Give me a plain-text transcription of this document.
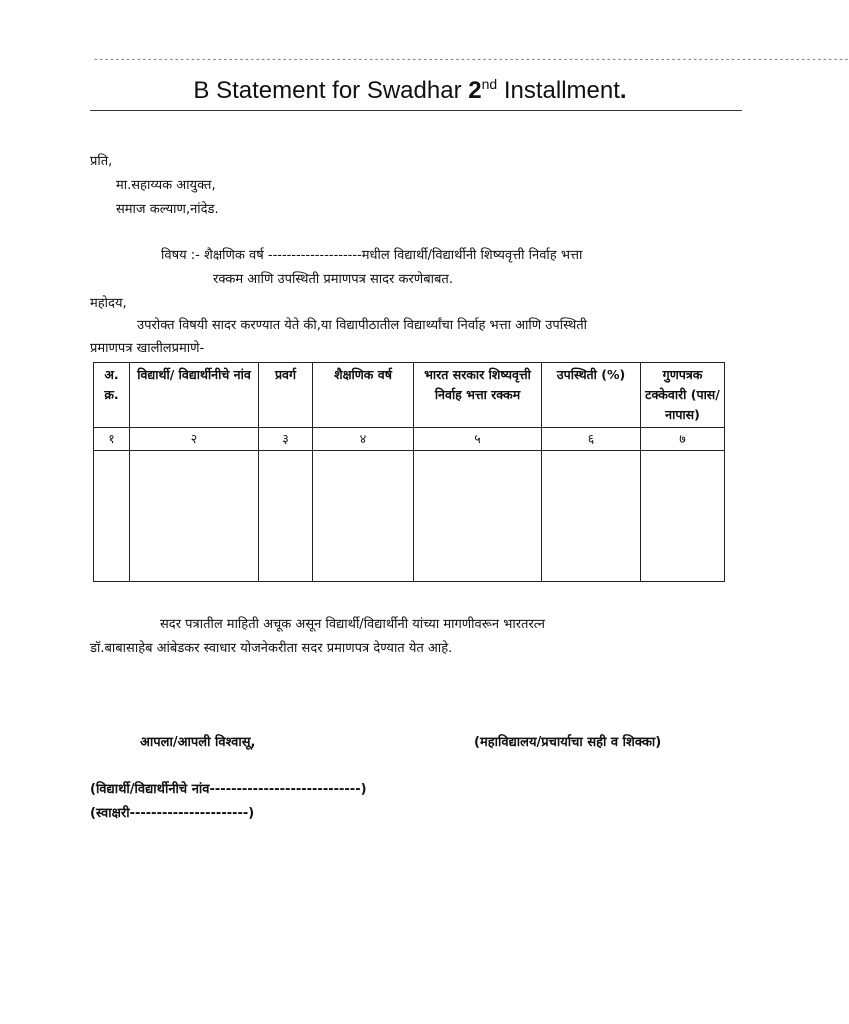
--------------------------------------------------------------------------------------------------------------------------------------------
B Statement for Swadhar 2nd Installment.
प्रति,
मा.सहाय्यक आयुक्त,
समाज कल्याण,नांदेड.
विषय :- शैक्षणिक वर्ष --------------------मधील विद्यार्थी/विद्यार्थीनी शिष्यवृत्ती निर्वाह भत्ता
रक्कम आणि उपस्थिती प्रमाणपत्र सादर करणेबाबत.
महोदय,
उपरोक्त विषयी सादर करण्यात येते की,या विद्यापीठातील विद्यार्थ्यांचा निर्वाह भत्ता आणि उपस्थिती
प्रमाणपत्र खालीलप्रमाणे-
अ. क्र.	विद्यार्थी/ विद्यार्थीनीचे नांव	प्रवर्ग	शैक्षणिक वर्ष	भारत सरकार शिष्यवृत्ती निर्वाह भत्ता रक्कम	उपस्थिती (%)	गुणपत्रक टक्केवारी (पास/ नापास)
१	२	३	४	५	६	७

सदर पत्रातील माहिती अचूक असून विद्यार्थी/विद्यार्थीनी यांच्या मागणीवरून भारतरत्न
डॉ.बाबासाहेब आंबेडकर स्वाधार योजनेकरीता सदर प्रमाणपत्र देण्यात येत आहे.
आपला/आपली विश्वासू,	(महाविद्यालय/प्रचार्याचा सही व शिक्का)
(विद्यार्थी/विद्यार्थीनीचे नांव----------------------------)
(स्वाक्षरी----------------------)
